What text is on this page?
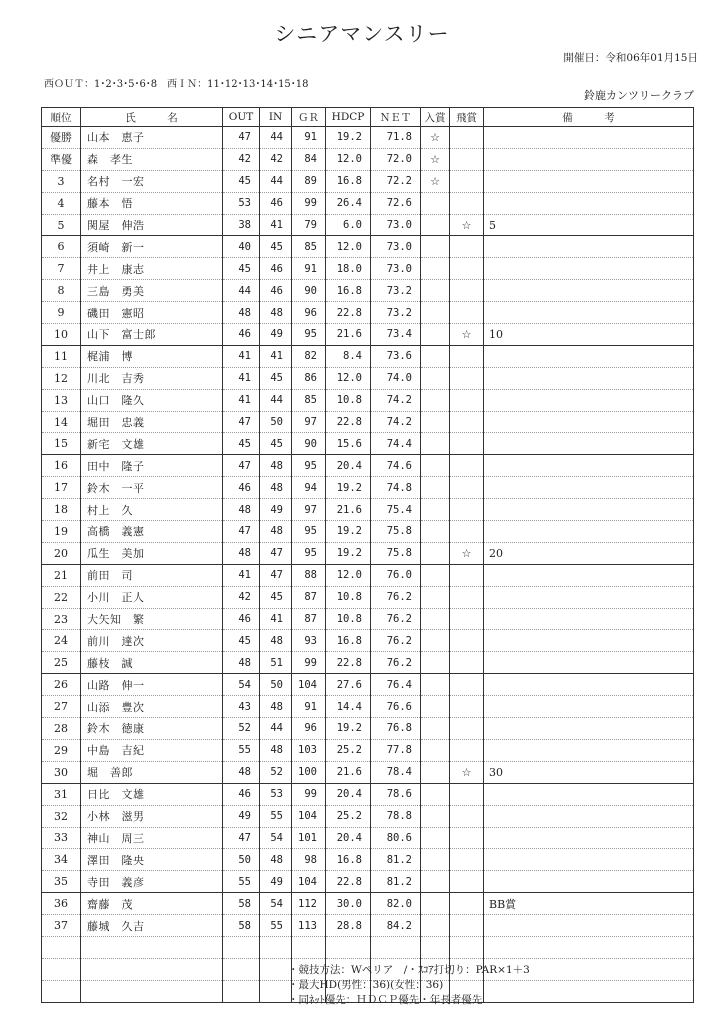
シニアマンスリー
開催日：令和06年01月15日
西ＯＵＴ：1･2･3･5･6･8　西ＩＮ：11･12･13･14･15･18
鈴鹿カンツリークラブ
順位	氏　　　名	OUT	IN	ＧＲ	HDCP	ＮＥＴ	入賞	飛賞	備　　　考
優勝	山本　恵子	47	44	91	19.2	71.8	☆		
準優	森　孝生	42	42	84	12.0	72.0	☆		
3	名村　一宏	45	44	89	16.8	72.2	☆		
4	藤本　悟	53	46	99	26.4	72.6			
5	関屋　伸浩	38	41	79	6.0	73.0		☆	5
6	須崎　新一	40	45	85	12.0	73.0			
7	井上　康志	45	46	91	18.0	73.0			
8	三島　勇美	44	46	90	16.8	73.2			
9	磯田　憲昭	48	48	96	22.8	73.2			
10	山下　富士郎	46	49	95	21.6	73.4		☆	10
11	梶浦　博	41	41	82	8.4	73.6			
12	川北　吉秀	41	45	86	12.0	74.0			
13	山口　隆久	41	44	85	10.8	74.2			
14	堀田　忠義	47	50	97	22.8	74.2			
15	新宅　文雄	45	45	90	15.6	74.4			
16	田中　隆子	47	48	95	20.4	74.6			
17	鈴木　一平	46	48	94	19.2	74.8			
18	村上　久	48	49	97	21.6	75.4			
19	高橋　義憲	47	48	95	19.2	75.8			
20	瓜生　美加	48	47	95	19.2	75.8		☆	20
21	前田　司	41	47	88	12.0	76.0			
22	小川　正人	42	45	87	10.8	76.2			
23	大矢知　繁	46	41	87	10.8	76.2			
24	前川　達次	45	48	93	16.8	76.2			
25	藤枝　誠	48	51	99	22.8	76.2			
26	山路　伸一	54	50	104	27.6	76.4			
27	山添　豊次	43	48	91	14.4	76.6			
28	鈴木　徳康	52	44	96	19.2	76.8			
29	中島　吉紀	55	48	103	25.2	77.8			
30	堀　善郎	48	52	100	21.6	78.4		☆	30
31	日比　文雄	46	53	99	20.4	78.6			
32	小林　滋男	49	55	104	25.2	78.8			
33	神山　周三	47	54	101	20.4	80.6			
34	澤田　隆央	50	48	98	16.8	81.2			
35	寺田　義彦	55	49	104	22.8	81.2			
36	齋藤　茂	58	54	112	30.0	82.0			BB賞
37	藤城　久吉	58	55	113	28.8	84.2			

・競技方法：Wペリア　/・ｽｺｱ打切り：PAR×1＋3
・最大HD(男性：36)(女性：36)
・同ﾈｯﾄ優先：ＨＤＣＰ優先・年長者優先
